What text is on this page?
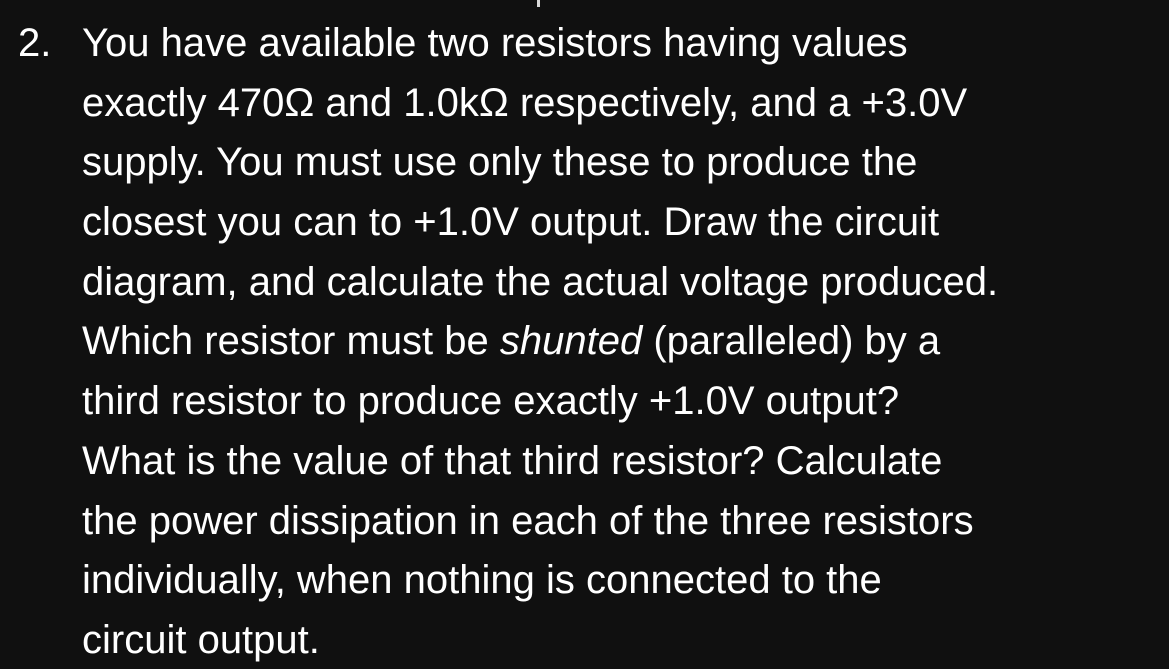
2. You have available two resistors having values
exactly 470Ω and 1.0kΩ respectively, and a +3.0V
supply. You must use only these to produce the
closest you can to +1.0V output. Draw the circuit
diagram, and calculate the actual voltage produced.
Which resistor must be shunted (paralleled) by a
third resistor to produce exactly +1.0V output?
What is the value of that third resistor? Calculate
the power dissipation in each of the three resistors
individually, when nothing is connected to the
circuit output.
